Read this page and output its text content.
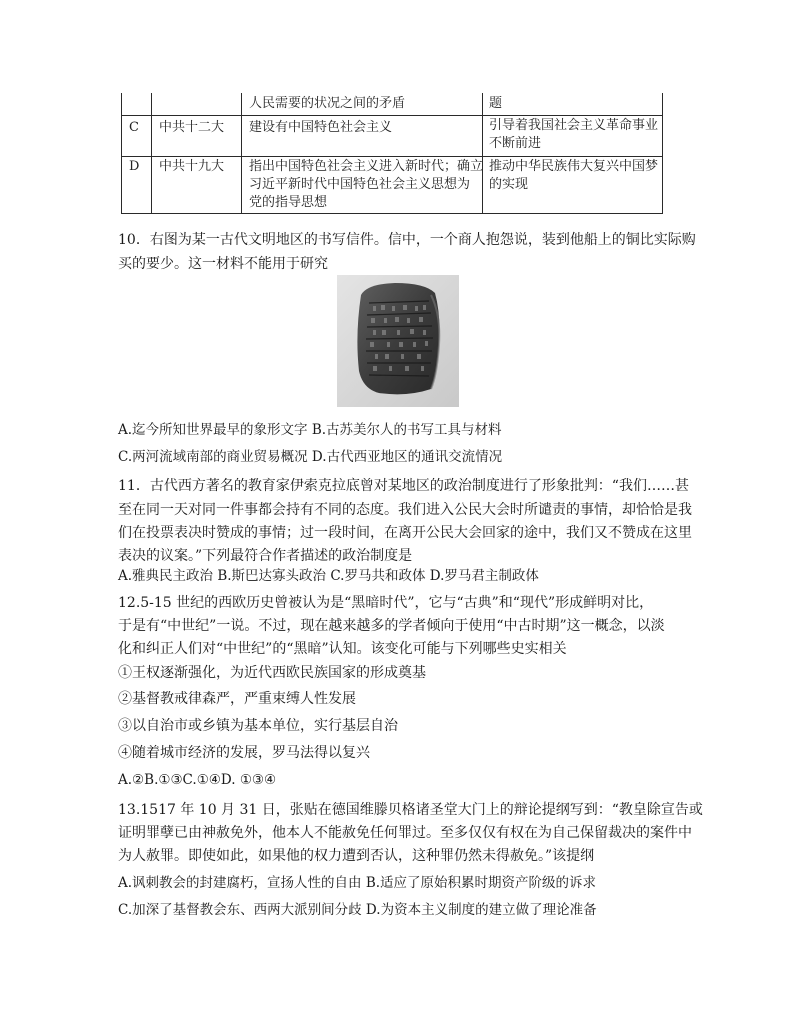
人民需要的状况之间的矛盾	题
C 中共十二大 建设有中国特色社会主义	引导着我国社会主义革命事业
不断前进
D 中共十九大 指出中国特色社会主义进入新时代；确立
习近平新时代中国特色社会主义思想为
党的指导思想
推动中华民族伟大复兴中国梦
的实现
10．右图为某一古代文明地区的书写信件。信中，一个商人抱怨说，装到他船上的铜比实际购
买的要少。这一材料不能用于研究
A.迄今所知世界最早的象形文字 B.古苏美尔人的书写工具与材料
C.两河流域南部的商业贸易概况 D.古代西亚地区的通讯交流情况
11．古代西方著名的教育家伊索克拉底曾对某地区的政治制度进行了形象批判：“我们……甚
至在同一天对同一件事都会持有不同的态度。我们进入公民大会时所谴责的事情，却恰恰是我
们在投票表决时赞成的事情；过一段时间，在离开公民大会回家的途中，我们又不赞成在这里
表决的议案。”下列最符合作者描述的政治制度是
A.雅典民主政治 B.斯巴达寡头政治 C.罗马共和政体 D.罗马君主制政体
12.5-15 世纪的西欧历史曾被认为是“黑暗时代”，它与“古典”和“现代”形成鲜明对比，
于是有“中世纪”一说。不过，现在越来越多的学者倾向于使用“中古时期”这一概念，以淡
化和纠正人们对“中世纪”的“黑暗”认知。该变化可能与下列哪些史实相关
①王权逐渐强化，为近代西欧民族国家的形成奠基
②基督教戒律森严，严重束缚人性发展
③以自治市或乡镇为基本单位，实行基层自治
④随着城市经济的发展，罗马法得以复兴
A.②B.①③C.①④D. ①③④
13.1517 年 10 月 31 日，张贴在德国维滕贝格诸圣堂大门上的辩论提纲写到：“教皇除宣告或
证明罪孽已由神赦免外，他本人不能赦免任何罪过。至多仅仅有权在为自己保留裁决的案件中
为人赦罪。即使如此，如果他的权力遭到否认，这种罪仍然未得赦免。”该提纲
A.讽刺教会的封建腐朽，宣扬人性的自由 B.适应了原始积累时期资产阶级的诉求
C.加深了基督教会东、西两大派别间分歧 D.为资本主义制度的建立做了理论准备
